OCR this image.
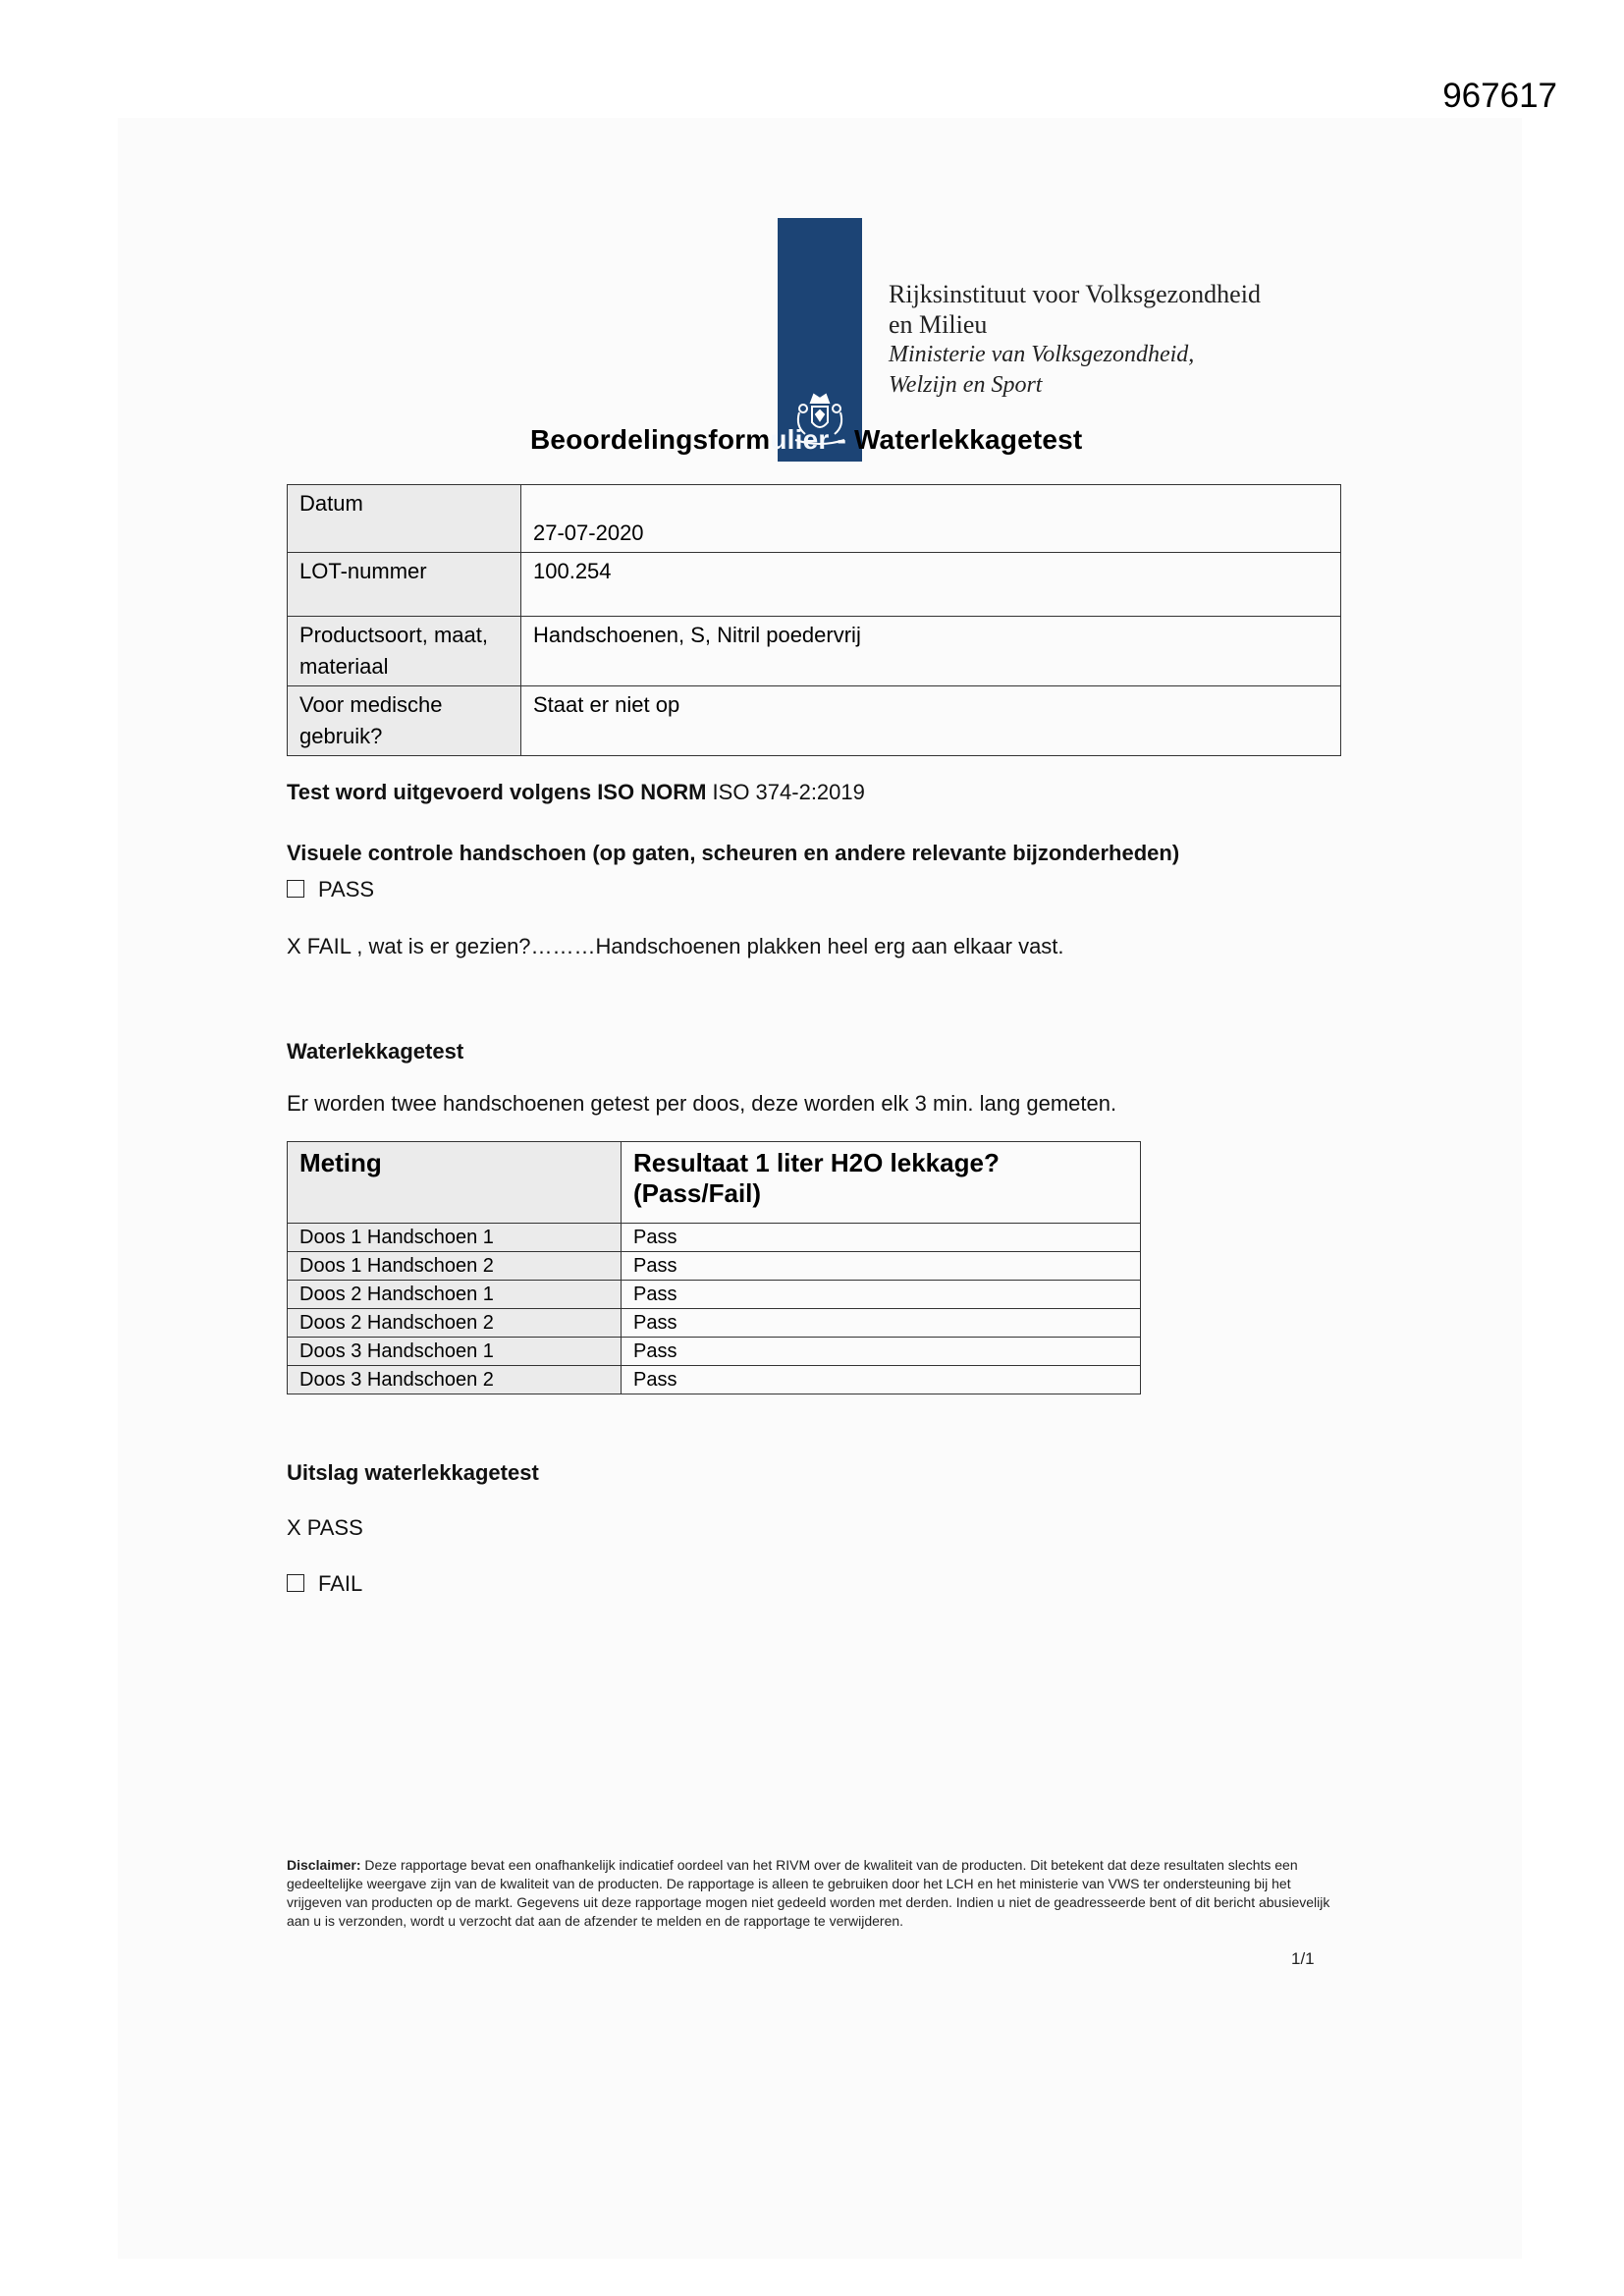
967617
Rijksinstituut voor Volksgezondheid
en Milieu
Ministerie van Volksgezondheid,
Welzijn en Sport
Beoordelingsformulier - Waterlekkagetest
Datum	27-07-2020
LOT-nummer	100.254
Productsoort, maat, materiaal	Handschoenen, S, Nitril poedervrij
Voor medische gebruik?	Staat er niet op
Test word uitgevoerd volgens ISO NORM ISO 374-2:2019
Visuele controle handschoen (op gaten, scheuren en andere relevante bijzonderheden)
PASS
X FAIL , wat is er gezien?………Handschoenen plakken heel erg aan elkaar vast.
Waterlekkagetest
Er worden twee handschoenen getest per doos, deze worden elk 3 min. lang gemeten.
Meting	Resultaat 1 liter H2O lekkage? (Pass/Fail)
Doos 1 Handschoen 1	Pass
Doos 1 Handschoen 2	Pass
Doos 2 Handschoen 1	Pass
Doos 2 Handschoen 2	Pass
Doos 3 Handschoen 1	Pass
Doos 3 Handschoen 2	Pass
Uitslag waterlekkagetest
X PASS
FAIL
Disclaimer: Deze rapportage bevat een onafhankelijk indicatief oordeel van het RIVM over de kwaliteit van de producten. Dit betekent dat deze resultaten slechts een gedeeltelijke weergave zijn van de kwaliteit van de producten. De rapportage is alleen te gebruiken door het LCH en het ministerie van VWS ter ondersteuning bij het vrijgeven van producten op de markt. Gegevens uit deze rapportage mogen niet gedeeld worden met derden. Indien u niet de geadresseerde bent of dit bericht abusievelijk aan u is verzonden, wordt u verzocht dat aan de afzender te melden en de rapportage te verwijderen.
1/1
